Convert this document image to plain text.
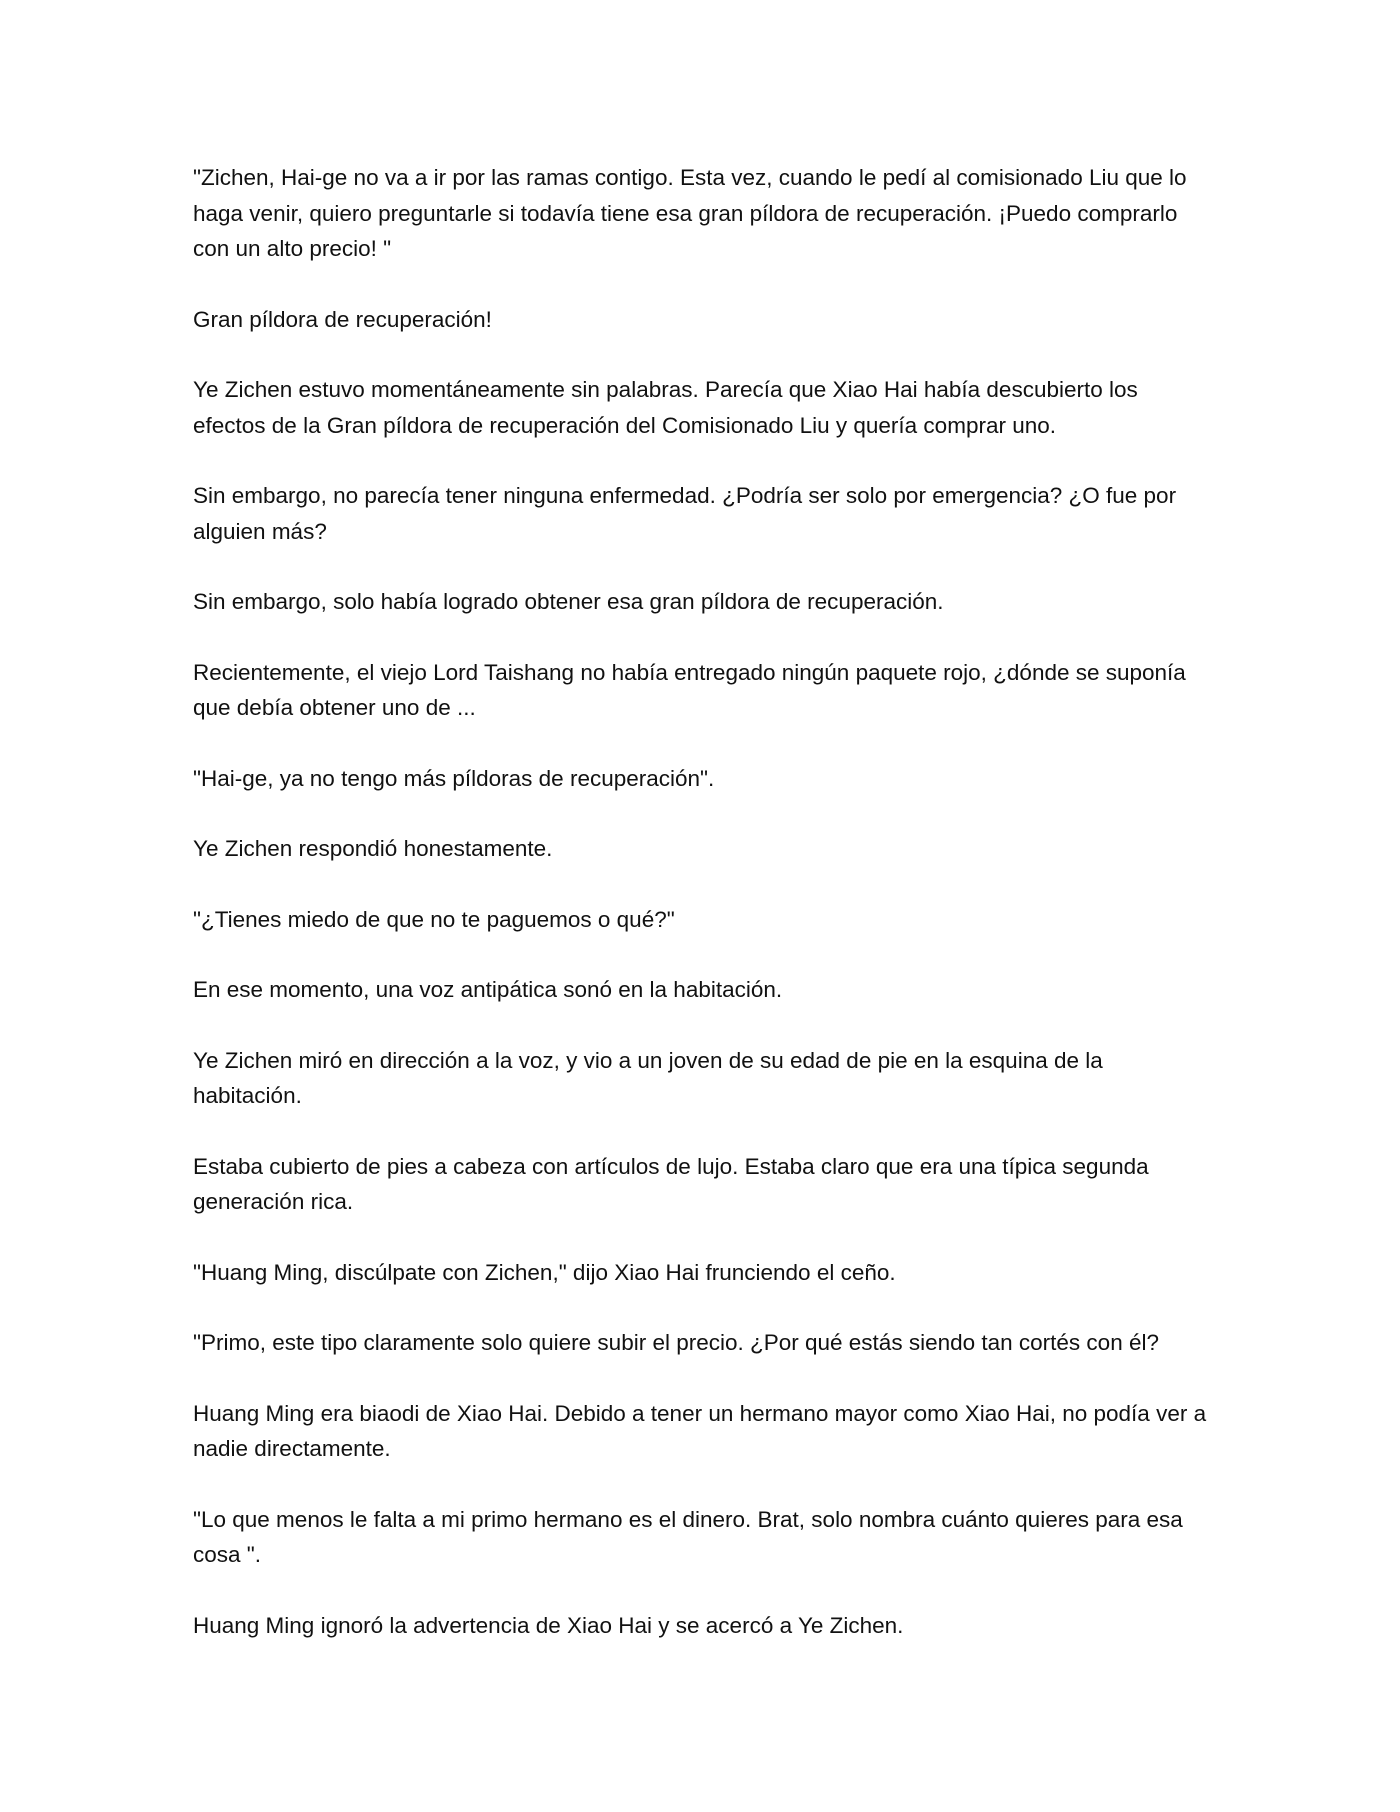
"Zichen, Hai-ge no va a ir por las ramas contigo. Esta vez, cuando le pedí al comisionado Liu que lo haga venir, quiero preguntarle si todavía tiene esa gran píldora de recuperación. ¡Puedo comprarlo con un alto precio! "

Gran píldora de recuperación!

Ye Zichen estuvo momentáneamente sin palabras. Parecía que Xiao Hai había descubierto los efectos de la Gran píldora de recuperación del Comisionado Liu y quería comprar uno.

Sin embargo, no parecía tener ninguna enfermedad. ¿Podría ser solo por emergencia? ¿O fue por alguien más?

Sin embargo, solo había logrado obtener esa gran píldora de recuperación.

Recientemente, el viejo Lord Taishang no había entregado ningún paquete rojo, ¿dónde se suponía que debía obtener uno de ...

"Hai-ge, ya no tengo más píldoras de recuperación".

Ye Zichen respondió honestamente.

"¿Tienes miedo de que no te paguemos o qué?"

En ese momento, una voz antipática sonó en la habitación.

Ye Zichen miró en dirección a la voz, y vio a un joven de su edad de pie en la esquina de la habitación.

Estaba cubierto de pies a cabeza con artículos de lujo. Estaba claro que era una típica segunda generación rica.

"Huang Ming, discúlpate con Zichen," dijo Xiao Hai frunciendo el ceño.

"Primo, este tipo claramente solo quiere subir el precio. ¿Por qué estás siendo tan cortés con él?

Huang Ming era biaodi de Xiao Hai. Debido a tener un hermano mayor como Xiao Hai, no podía ver a nadie directamente.

"Lo que menos le falta a mi primo hermano es el dinero. Brat, solo nombra cuánto quieres para esa cosa ".

Huang Ming ignoró la advertencia de Xiao Hai y se acercó a Ye Zichen.
